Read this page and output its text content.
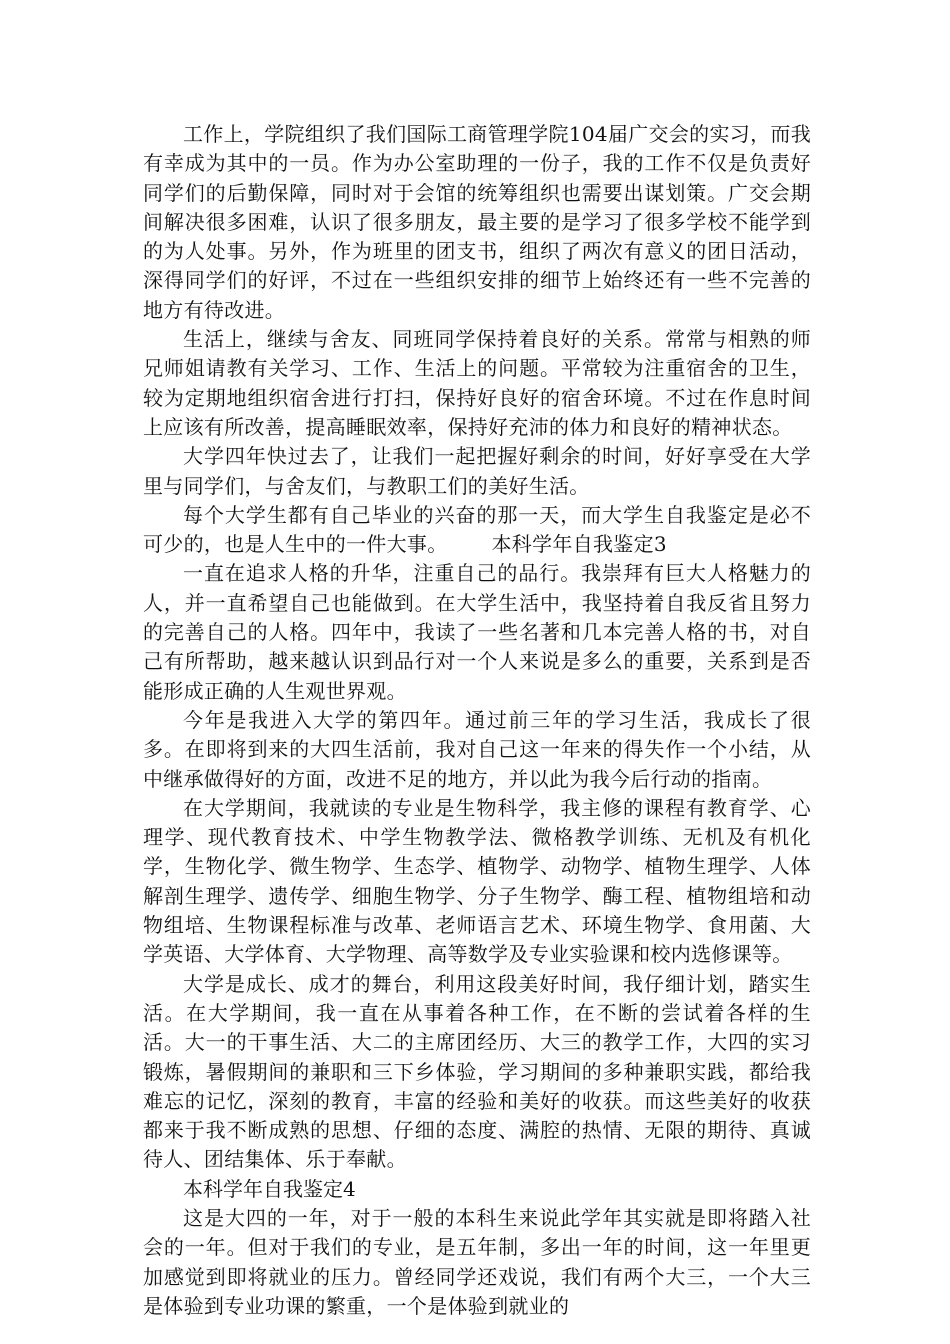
工作上，学院组织了我们国际工商管理学院104届广交会的实习，而我有幸成为其中的一员。作为办公室助理的一份子，我的工作不仅是负责好同学们的后勤保障，同时对于会馆的统筹组织也需要出谋划策。广交会期间解决很多困难，认识了很多朋友，最主要的是学习了很多学校不能学到的为人处事。另外，作为班里的团支书，组织了两次有意义的团日活动，深得同学们的好评，不过在一些组织安排的细节上始终还有一些不完善的地方有待改进。

生活上，继续与舍友、同班同学保持着良好的关系。常常与相熟的师兄师姐请教有关学习、工作、生活上的问题。平常较为注重宿舍的卫生，较为定期地组织宿舍进行打扫，保持好良好的宿舍环境。不过在作息时间上应该有所改善，提高睡眠效率，保持好充沛的体力和良好的精神状态。

大学四年快过去了，让我们一起把握好剩余的时间，好好享受在大学里与同学们，与舍友们，与教职工们的美好生活。

每个大学生都有自己毕业的兴奋的那一天，而大学生自我鉴定是必不可少的，也是人生中的一件大事。 本科学年自我鉴定3

一直在追求人格的升华，注重自己的品行。我崇拜有巨大人格魅力的人，并一直希望自己也能做到。在大学生活中，我坚持着自我反省且努力的完善自己的人格。四年中，我读了一些名著和几本完善人格的书，对自己有所帮助，越来越认识到品行对一个人来说是多么的重要，关系到是否能形成正确的人生观世界观。

今年是我进入大学的第四年。通过前三年的学习生活，我成长了很多。在即将到来的大四生活前，我对自己这一年来的得失作一个小结，从中继承做得好的方面，改进不足的地方，并以此为我今后行动的指南。

在大学期间，我就读的专业是生物科学，我主修的课程有教育学、心理学、现代教育技术、中学生物教学法、微格教学训练、无机及有机化学，生物化学、微生物学、生态学、植物学、动物学、植物生理学、人体解剖生理学、遗传学、细胞生物学、分子生物学、酶工程、植物组培和动物组培、生物课程标准与改革、老师语言艺术、环境生物学、食用菌、大学英语、大学体育、大学物理、高等数学及专业实验课和校内选修课等。

大学是成长、成才的舞台，利用这段美好时间，我仔细计划，踏实生活。在大学期间，我一直在从事着各种工作，在不断的尝试着各样的生活。大一的干事生活、大二的主席团经历、大三的教学工作，大四的实习锻炼，暑假期间的兼职和三下乡体验，学习期间的多种兼职实践，都给我难忘的记忆，深刻的教育，丰富的经验和美好的收获。而这些美好的收获都来于我不断成熟的思想、仔细的态度、满腔的热情、无限的期待、真诚待人、团结集体、乐于奉献。

本科学年自我鉴定4

这是大四的一年，对于一般的本科生来说此学年其实就是即将踏入社会的一年。但对于我们的专业，是五年制，多出一年的时间，这一年里更加感觉到即将就业的压力。曾经同学还戏说，我们有两个大三，一个大三是体验到专业功课的繁重，一个是体验到就业的
